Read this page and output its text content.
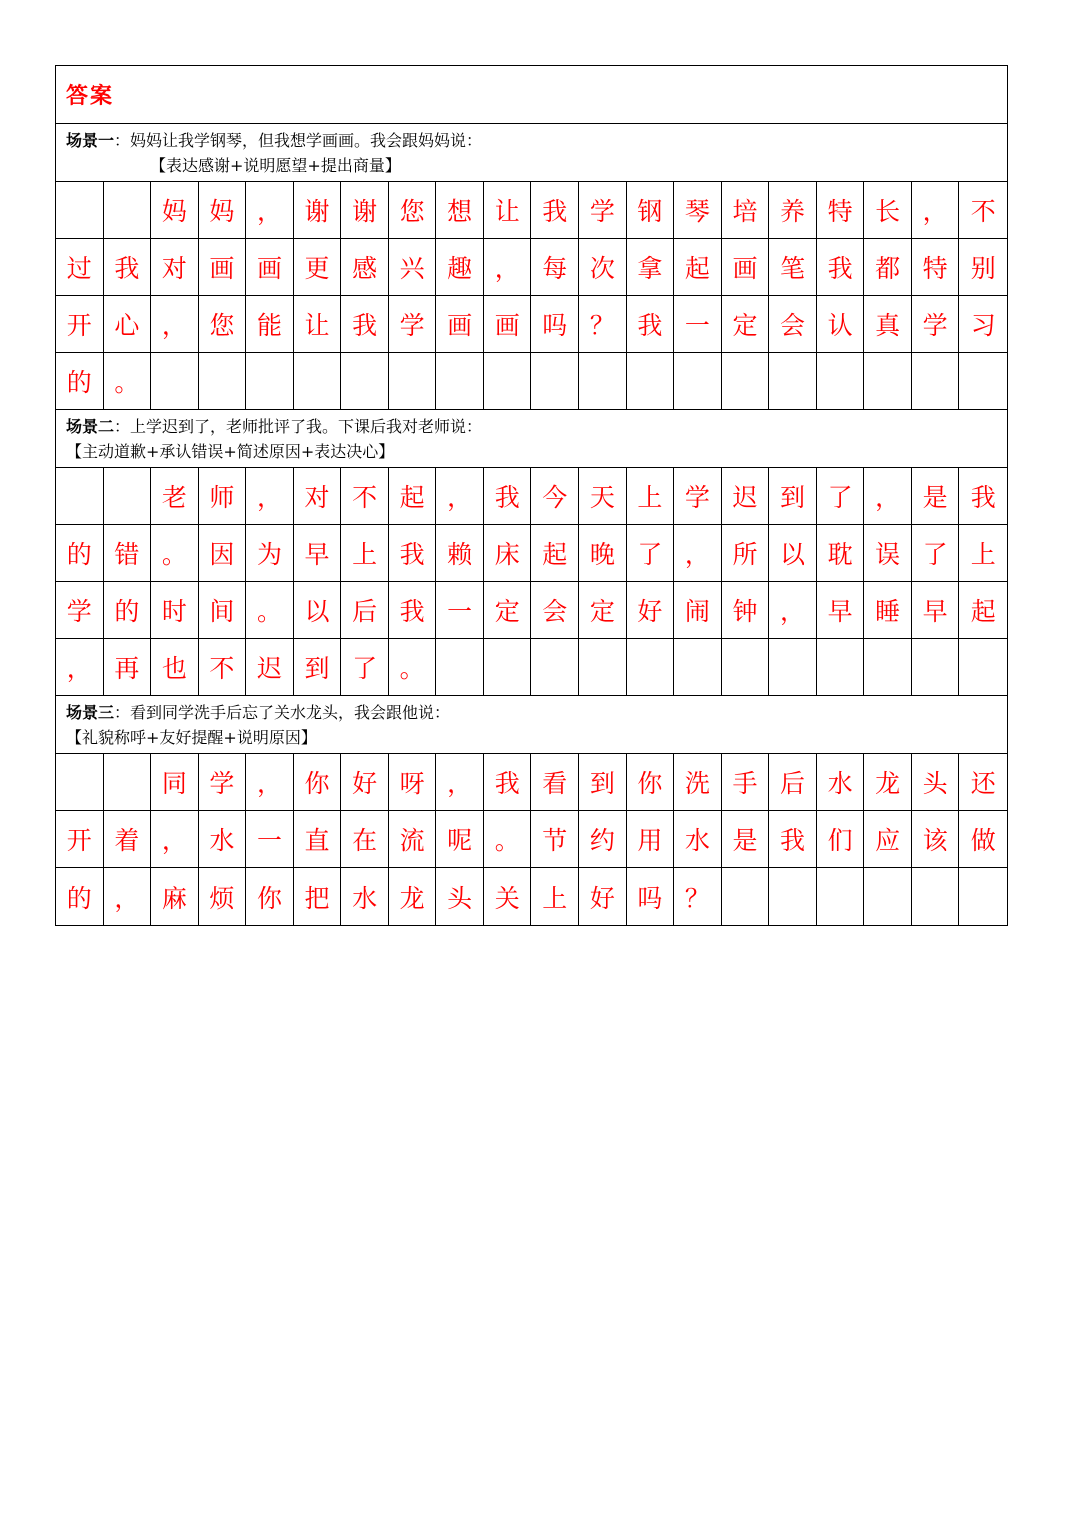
答案
场景一：妈妈让我学钢琴，但我想学画画。我会跟妈妈说：
【表达感谢+说明愿望+提出商量】
妈 妈 ， 谢 谢 您 想 让 我 学 钢 琴 培 养 特 长 ， 不
过 我 对 画 画 更 感 兴 趣 ， 每 次 拿 起 画 笔 我 都 特 别
开 心 ， 您 能 让 我 学 画 画 吗 ？ 我 一 定 会 认 真 学 习
的 。
场景二：上学迟到了，老师批评了我。下课后我对老师说：
【主动道歉+承认错误+简述原因+表达决心】
老 师 ， 对 不 起 ， 我 今 天 上 学 迟 到 了 ， 是 我
的 错 。 因 为 早 上 我 赖 床 起 晚 了 ， 所 以 耽 误 了 上
学 的 时 间 。 以 后 我 一 定 会 定 好 闹 钟 ， 早 睡 早 起
， 再 也 不 迟 到 了 。
场景三：看到同学洗手后忘了关水龙头，我会跟他说：
【礼貌称呼+友好提醒+说明原因】
同 学 ， 你 好 呀 ， 我 看 到 你 洗 手 后 水 龙 头 还
开 着 ， 水 一 直 在 流 呢 。 节 约 用 水 是 我 们 应 该 做
的 ， 麻 烦 你 把 水 龙 头 关 上 好 吗 ？
